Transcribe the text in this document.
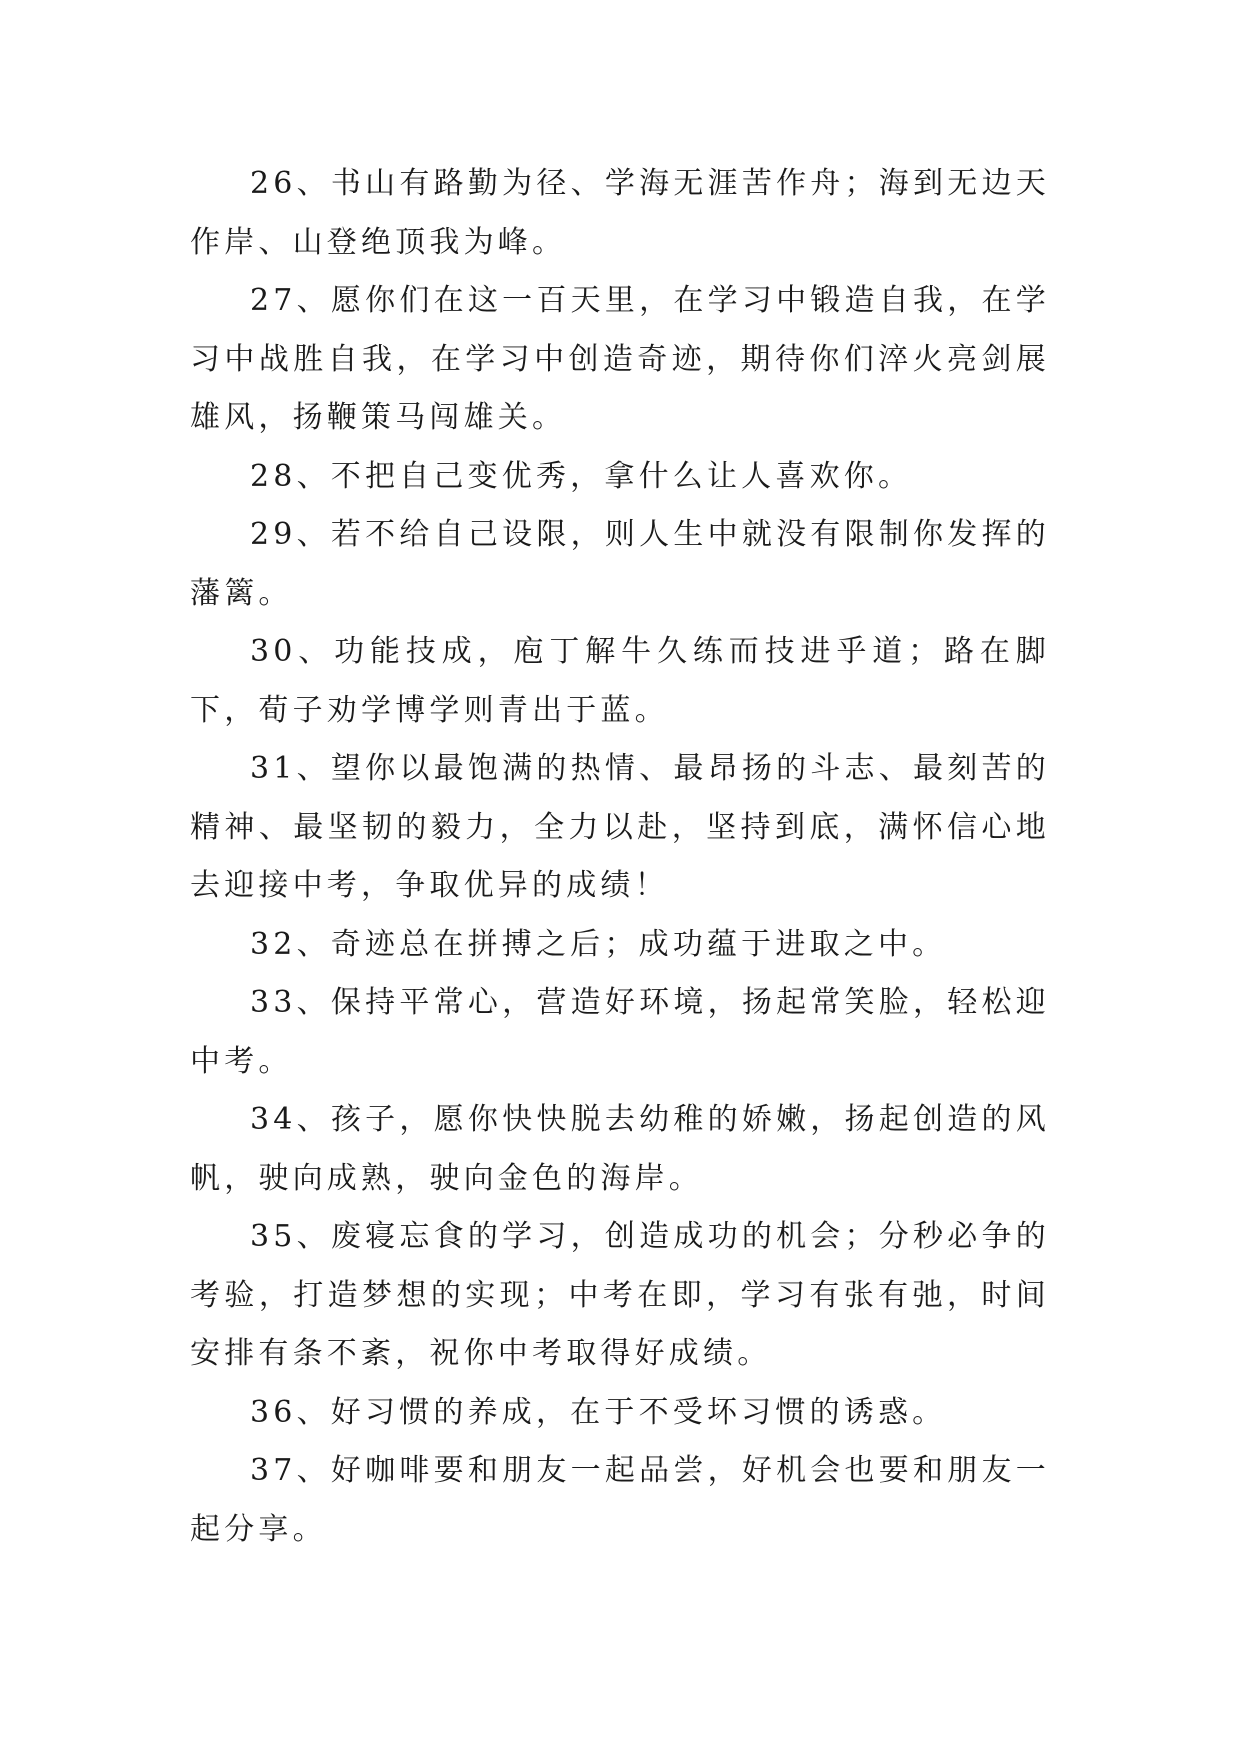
26、书山有路勤为径、学海无涯苦作舟；海到无边天作岸、山登绝顶我为峰。

27、愿你们在这一百天里，在学习中锻造自我，在学习中战胜自我，在学习中创造奇迹，期待你们淬火亮剑展雄风，扬鞭策马闯雄关。

28、不把自己变优秀，拿什么让人喜欢你。

29、若不给自己设限，则人生中就没有限制你发挥的藩篱。

30、功能技成，庖丁解牛久练而技进乎道；路在脚下，荀子劝学博学则青出于蓝。

31、望你以最饱满的热情、最昂扬的斗志、最刻苦的精神、最坚韧的毅力，全力以赴，坚持到底，满怀信心地去迎接中考，争取优异的成绩！

32、奇迹总在拼搏之后；成功蕴于进取之中。

33、保持平常心，营造好环境，扬起常笑脸，轻松迎中考。

34、孩子，愿你快快脱去幼稚的娇嫩，扬起创造的风帆，驶向成熟，驶向金色的海岸。

35、废寝忘食的学习，创造成功的机会；分秒必争的考验，打造梦想的实现；中考在即，学习有张有弛，时间安排有条不紊，祝你中考取得好成绩。

36、好习惯的养成，在于不受坏习惯的诱惑。

37、好咖啡要和朋友一起品尝，好机会也要和朋友一起分享。
